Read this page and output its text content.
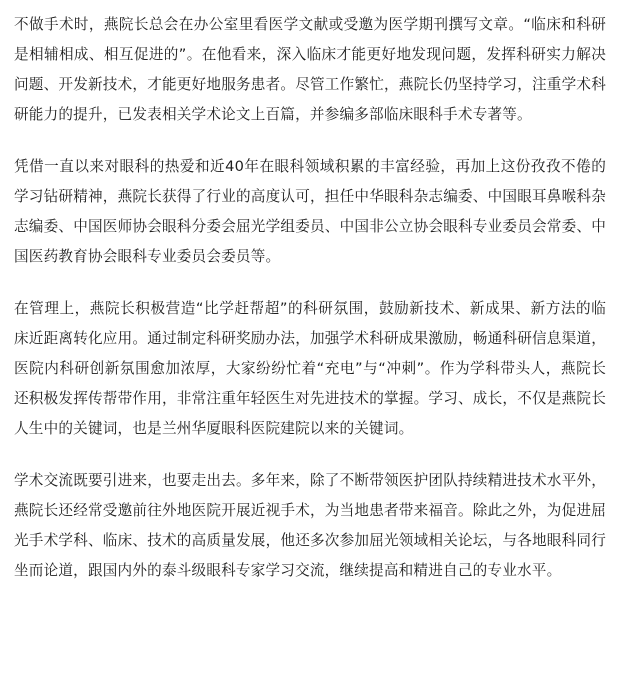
不做手术时，燕院长总会在办公室里看医学文献或受邀为医学期刊撰写文章。“临床和科研是相辅相成、相互促进的”。在他看来，深入临床才能更好地发现问题，发挥科研实力解决问题、开发新技术，才能更好地服务患者。尽管工作繁忙，燕院长仍坚持学习，注重学术科研能力的提升，已发表相关学术论文上百篇，并参编多部临床眼科手术专著等。

凭借一直以来对眼科的热爱和近40年在眼科领域积累的丰富经验，再加上这份孜孜不倦的学习钻研精神，燕院长获得了行业的高度认可，担任中华眼科杂志编委、中国眼耳鼻喉科杂志编委、中国医师协会眼科分委会屈光学组委员、中国非公立协会眼科专业委员会常委、中国医药教育协会眼科专业委员会委员等。

在管理上，燕院长积极营造“比学赶帮超”的科研氛围，鼓励新技术、新成果、新方法的临床近距离转化应用。通过制定科研奖励办法，加强学术科研成果激励，畅通科研信息渠道，医院内科研创新氛围愈加浓厚，大家纷纷忙着“充电”与“冲刺”。作为学科带头人，燕院长还积极发挥传帮带作用，非常注重年轻医生对先进技术的掌握。学习、成长，不仅是燕院长人生中的关键词，也是兰州华厦眼科医院建院以来的关键词。

学术交流既要引进来，也要走出去。多年来，除了不断带领医护团队持续精进技术水平外，燕院长还经常受邀前往外地医院开展近视手术，为当地患者带来福音。除此之外，为促进屈光手术学科、临床、技术的高质量发展，他还多次参加屈光领域相关论坛，与各地眼科同行坐而论道，跟国内外的泰斗级眼科专家学习交流，继续提高和精进自己的专业水平。
